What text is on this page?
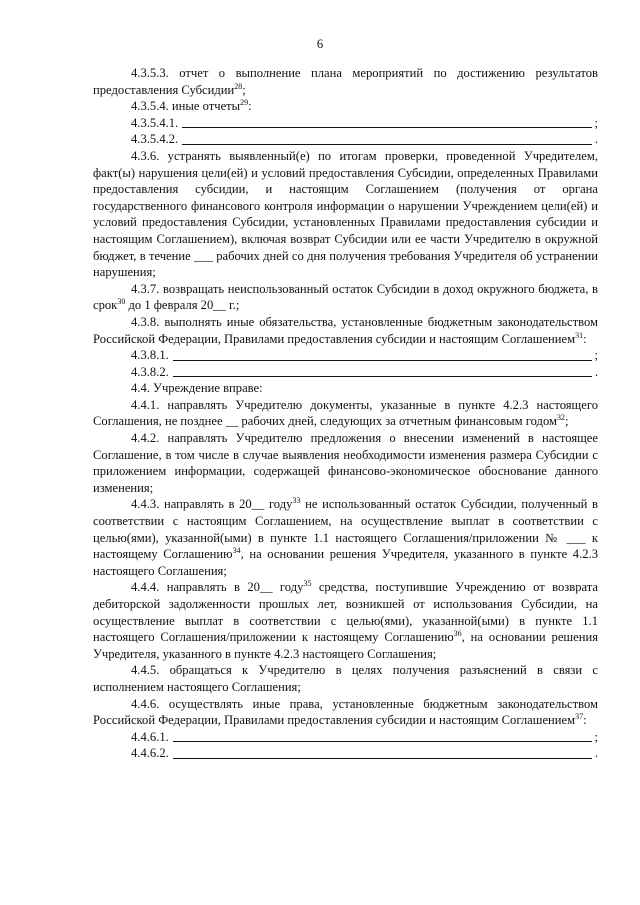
6

4.3.5.3. отчет о выполнение плана мероприятий по достижению результатов предоставления Субсидии$^{28}$;

4.3.5.4. иные отчеты$^{29}$:

4.3.5.4.1.	;
4.3.5.4.2.	.

4.3.6. устранять выявленный(е) по итогам проверки, проведенной Учредителем, факт(ы) нарушения цели(ей) и условий предоставления Субсидии, определенных Правилами предоставления субсидии, и настоящим Соглашением (получения от органа государственного финансового контроля информации о нарушении Учреждением цели(ей) и условий предоставления Субсидии, установленных Правилами предоставления субсидии и настоящим Соглашением), включая возврат Субсидии или ее части Учредителю в окружной бюджет, в течение ___ рабочих дней со дня получения требования Учредителя об устранении нарушения;

4.3.7. возвращать неиспользованный остаток Субсидии в доход окружного бюджета, в срок$^{30}$ до 1 февраля 20__ г.;

4.3.8. выполнять иные обязательства, установленные бюджетным законодательством Российской Федерации, Правилами предоставления субсидии и настоящим Соглашением$^{31}$:

4.3.8.1.	;
4.3.8.2.	.

4.4. Учреждение вправе:

4.4.1. направлять Учредителю документы, указанные в пункте 4.2.3 настоящего Соглашения, не позднее __ рабочих дней, следующих за отчетным финансовым годом$^{32}$;

4.4.2. направлять Учредителю предложения о внесении изменений в настоящее Соглашение, в том числе в случае выявления необходимости изменения размера Субсидии с приложением информации, содержащей финансово-экономическое обоснование данного изменения;

4.4.3. направлять в 20__ году$^{33}$ не использованный остаток Субсидии, полученный в соответствии с настоящим Соглашением, на осуществление выплат в соответствии с целью(ями), указанной(ыми) в пункте 1.1 настоящего Соглашения/приложении № ___ к настоящему Соглашению$^{34}$, на основании решения Учредителя, указанного в пункте 4.2.3 настоящего Соглашения;

4.4.4. направлять в 20__ году$^{35}$ средства, поступившие Учреждению от возврата дебиторской задолженности прошлых лет, возникшей от использования Субсидии, на осуществление выплат в соответствии с целью(ями), указанной(ыми) в пункте 1.1 настоящего Соглашения/приложении к настоящему Соглашению$^{36}$, на основании решения Учредителя, указанного в пункте 4.2.3 настоящего Соглашения;

4.4.5. обращаться к Учредителю в целях получения разъяснений в связи с исполнением настоящего Соглашения;

4.4.6. осуществлять иные права, установленные бюджетным законодательством Российской Федерации, Правилами предоставления субсидии и настоящим Соглашением$^{37}$:

4.4.6.1.	;
4.4.6.2.	.
